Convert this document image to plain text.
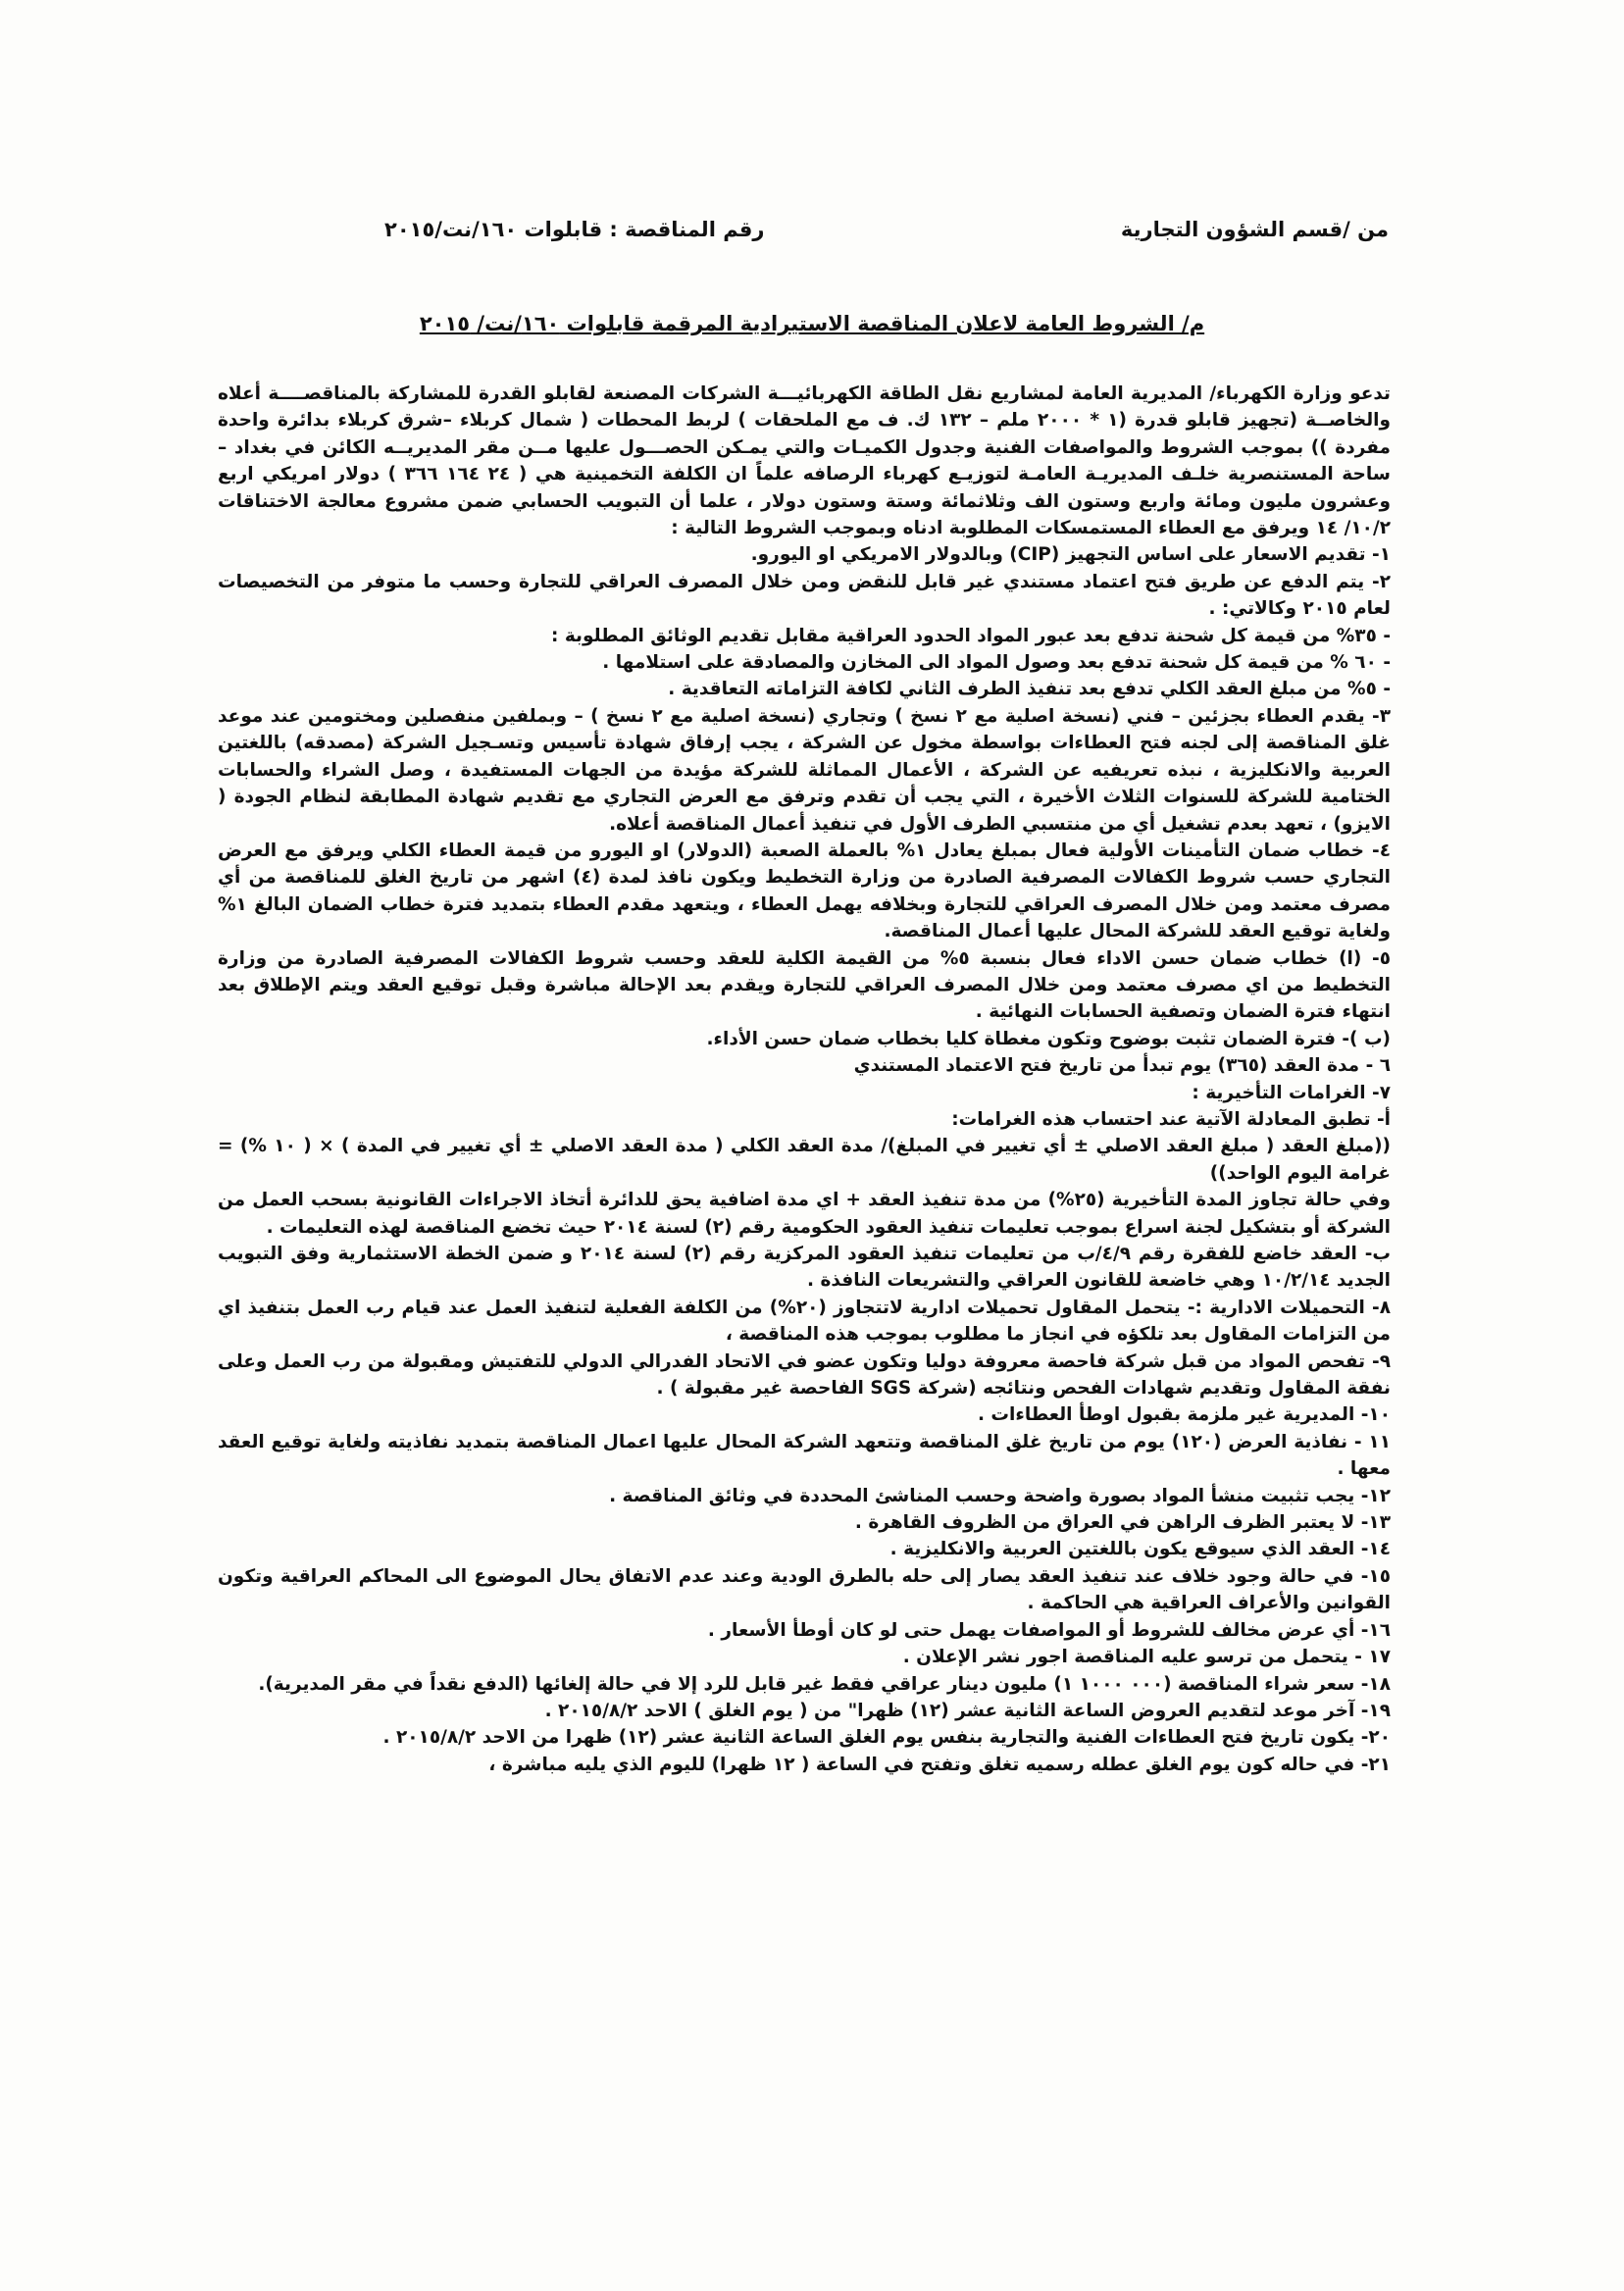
من /قسم الشؤون التجارية
رقم المناقصة : قابلوات ١٦٠/نت/٢٠١٥
م/ الشروط العامة لاعلان المناقصة الاستيرادية المرقمة قابلوات ١٦٠/نت/ ٢٠١٥

تدعو وزارة الكهرباء/ المديرية العامة لمشاريع نقل الطاقة الكهربائيـــة الشركات المصنعة لقابلو القدرة للمشاركة بالمناقصــــة أعلاه والخاصــة (تجهيز قابلو قدرة (١ * ٢٠٠٠ ملم – ١٣٢ ك. ف مع الملحقات ) لربط المحطات ( شمال كربلاء –شرق كربلاء بدائرة واحدة مفردة )) بموجب الشروط والمواصفات الفنية وجدول الكميـات والتي يمـكن الحصـــول عليها مــن مقر المديريــه الكائن في بغداد – ساحة المستنصرية خلـف المديريـة العامـة لتوزيـع كهرباء الرصافه علماً ان الكلفة التخمينية هي ( ٢٤ ١٦٤ ٣٦٦ ) دولار امريكي اربع وعشرون مليون ومائة واربع وستون الف وثلاثمائة وستة وستون دولار ، علما أن التبويب الحسابي ضمن مشروع معالجة الاختناقات ١٠/٢/ ١٤ ويرفق مع العطاء المستمسكات المطلوبة ادناه وبموجب الشروط التالية :

١- تقديم الاسعار على اساس التجهيز (CIP) وبالدولار الامريكي او اليورو.

٢- يتم الدفع عن طريق فتح اعتماد مستندي غير قابل للنقض ومن خلال المصرف العراقي للتجارة وحسب ما متوفر من التخصيصات لعام ٢٠١٥ وكالاتي: .

- ٣٥% من قيمة كل شحنة تدفع بعد عبور المواد الحدود العراقية مقابل تقديم الوثائق المطلوبة :

- ٦٠ % من قيمة كل شحنة تدفع بعد وصول المواد الى المخازن والمصادقة على استلامها .

- ٥% من مبلغ العقد الكلي تدفع بعد تنفيذ الطرف الثاني لكافة التزاماته التعاقدية .

٣- يقدم العطاء بجزئين – فني (نسخة اصلية مع ٢ نسخ ) وتجاري (نسخة اصلية مع ٢ نسخ ) – وبملفين منفصلين ومختومين عند موعد غلق المناقصة إلى لجنه فتح العطاءات بواسطة مخول عن الشركة ، يجب إرفاق شهادة تأسيس وتسـجيل الشركة (مصدقه) باللغتين العربية والانكليزية ، نبذه تعريفيه عن الشركة ، الأعمال المماثلة للشركة مؤيدة من الجهات المستفيدة ، وصل الشراء والحسابات الختامية للشركة للسنوات الثلاث الأخيرة ، التي يجب أن تقدم وترفق مع العرض التجاري مع تقديم شهادة المطابقة لنظام الجودة ( الايزو) ، تعهد بعدم تشغيل أي من منتسبي الطرف الأول في تنفيذ أعمال المناقصة أعلاه.

٤- خطاب ضمان التأمينات الأولية فعال بمبلغ يعادل ١% بالعملة الصعبة (الدولار) او اليورو من قيمة العطاء الكلي ويرفق مع العرض التجاري حسب شروط الكفالات المصرفية الصادرة من وزارة التخطيط ويكون نافذ لمدة (٤) اشهر من تاريخ الغلق للمناقصة من أي مصرف معتمد ومن خلال المصرف العراقي للتجارة وبخلافه يهمل العطاء ، ويتعهد مقدم العطاء بتمديد فترة خطاب الضمان البالغ ١% ولغاية توقيع العقد للشركة المحال عليها أعمال المناقصة.

٥- (ا) خطاب ضمان حسن الاداء فعال بنسبة ٥% من القيمة الكلية للعقد وحسب شروط الكفالات المصرفية الصادرة من وزارة التخطيط من اي مصرف معتمد ومن خلال المصرف العراقي للتجارة ويقدم بعد الإحالة مباشرة وقبل توقيع العقد ويتم الإطلاق بعد انتهاء فترة الضمان وتصفية الحسابات النهائية .

(ب )- فترة الضمان تثبت بوضوح وتكون مغطاة كليا بخطاب ضمان حسن الأداء.

٦ - مدة العقد (٣٦٥) يوم تبدأ من تاريخ فتح الاعتماد المستندي

٧- الغرامات التأخيرية :

أ- تطبق المعادلة الآتية عند احتساب هذه الغرامات:

((مبلغ العقد ( مبلغ العقد الاصلي ± أي تغيير في المبلغ)/ مدة العقد الكلي ( مدة العقد الاصلي ± أي تغيير في المدة ) × ( ١٠ %) = غرامة اليوم الواحد))

وفي حالة تجاوز المدة التأخيرية (٢٥%) من مدة تنفيذ العقد + اي مدة اضافية يحق للدائرة أتخاذ الاجراءات القانونية بسحب العمل من الشركة أو بتشكيل لجنة اسراع بموجب تعليمات تنفيذ العقود الحكومية رقم (٢) لسنة ٢٠١٤ حيث تخضع المناقصة لهذه التعليمات .

ب- العقد خاضع للفقرة رقم ٤/٩/ب من تعليمات تنفيذ العقود المركزية رقم (٢) لسنة ٢٠١٤ و ضمن الخطة الاستثمارية وفق التبويب الجديد ١٠/٢/١٤ وهي خاضعة للقانون العراقي والتشريعات النافذة .

٨- التحميلات الادارية :- يتحمل المقاول تحميلات ادارية لاتتجاوز (٢٠%) من الكلفة الفعلية لتنفيذ العمل عند قيام رب العمل بتنفيذ اي من التزامات المقاول بعد تلكؤه في انجاز ما مطلوب بموجب هذه المناقصة ،

٩- تفحص المواد من قبل شركة فاحصة معروفة دوليا وتكون عضو في الاتحاد الفدرالي الدولي للتفتيش ومقبولة من رب العمل وعلى نفقة المقاول وتقديم شهادات الفحص ونتائجه (شركة SGS الفاحصة غير مقبولة ) .

١٠- المديرية غير ملزمة بقبول اوطأ العطاءات .

١١ - نفاذية العرض (١٢٠) يوم من تاريخ غلق المناقصة وتتعهد الشركة المحال عليها اعمال المناقصة بتمديد نفاذيته ولغاية توقيع العقد معها .

١٢- يجب تثبيت منشأ المواد بصورة واضحة وحسب المناشئ المحددة في وثائق المناقصة .

١٣- لا يعتبر الظرف الراهن في العراق من الظروف القاهرة .

١٤- العقد الذي سيوقع يكون باللغتين العربية والانكليزية .

١٥- في حالة وجود خلاف عند تنفيذ العقد يصار إلى حله بالطرق الودية وعند عدم الاتفاق يحال الموضوع الى المحاكم العراقية وتكون القوانين والأعراف العراقية هي الحاكمة .

١٦- أي عرض مخالف للشروط أو المواصفات يهمل حتى لو كان أوطأ الأسعار .

١٧ - يتحمل من ترسو عليه المناقصة اجور نشر الإعلان .

١٨- سعر شراء المناقصة (٠٠٠ ١٠٠٠ ١) مليون دينار عراقي فقط غير قابل للرد إلا في حالة إلغائها (الدفع نقداً في مقر المديرية).

١٩- آخر موعد لتقديم العروض الساعة الثانية عشر (١٢) ظهرا" من ( يوم الغلق ) الاحد ٢٠١٥/٨/٢ .

٢٠- يكون تاريخ فتح العطاءات الفنية والتجارية بنفس يوم الغلق الساعة الثانية عشر (١٢) ظهرا من الاحد ٢٠١٥/٨/٢ .

٢١- في حاله كون يوم الغلق عطله رسميه تغلق وتفتح في الساعة ( ١٢ ظهرا) لليوم الذي يليه مباشرة ،
